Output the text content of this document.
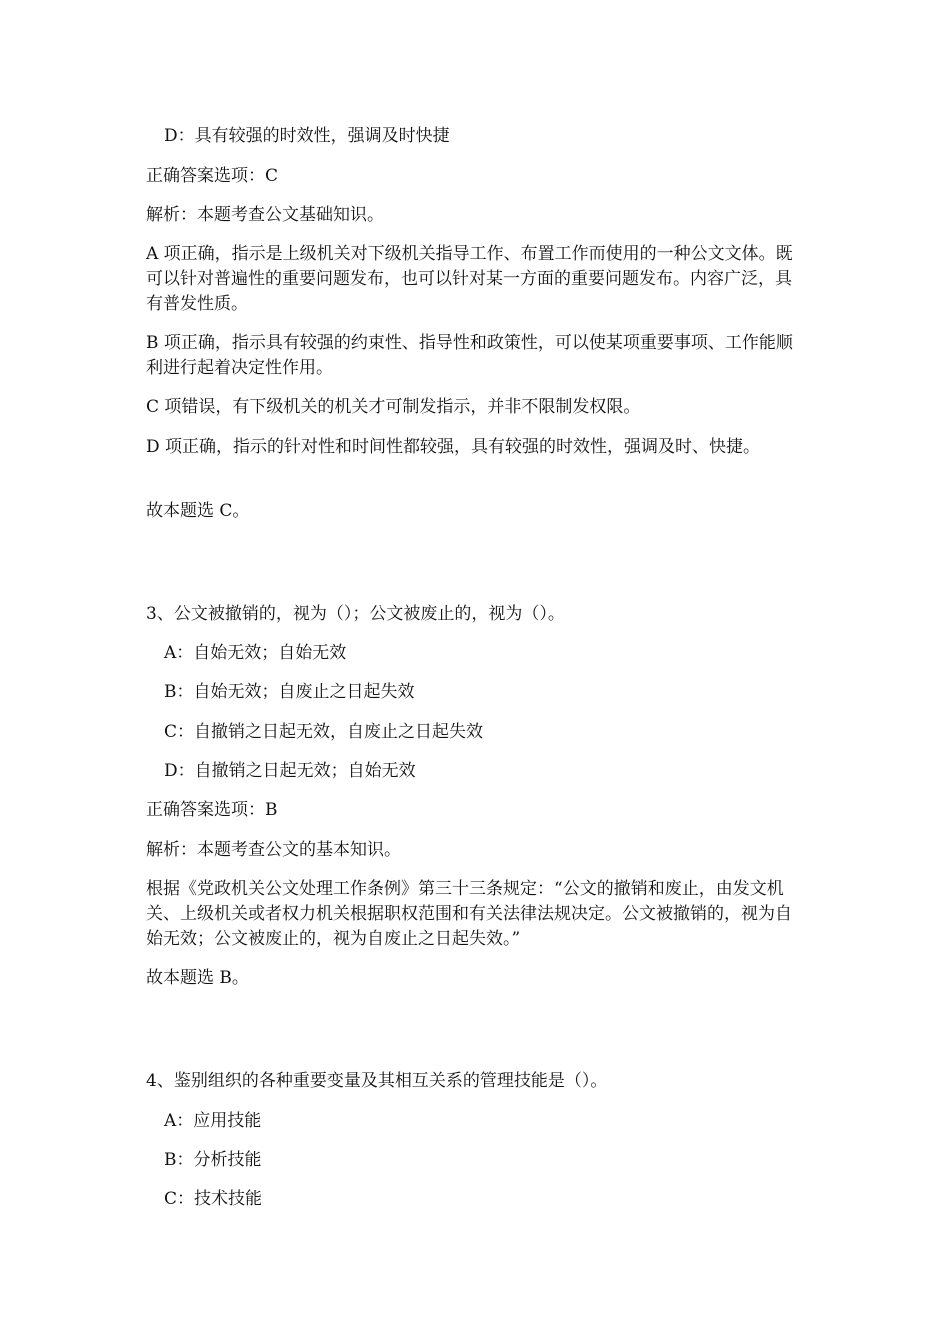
D：具有较强的时效性，强调及时快捷
正确答案选项：C
解析：本题考查公文基础知识。
A 项正确，指示是上级机关对下级机关指导工作、布置工作而使用的一种公文文体。既可以针对普遍性的重要问题发布，也可以针对某一方面的重要问题发布。内容广泛，具有普发性质。
B 项正确，指示具有较强的约束性、指导性和政策性，可以使某项重要事项、工作能顺利进行起着决定性作用。
C 项错误，有下级机关的机关才可制发指示，并非不限制发权限。
D 项正确，指示的针对性和时间性都较强，具有较强的时效性，强调及时、快捷。
故本题选 C。
3、公文被撤销的，视为（）；公文被废止的，视为（）。
A：自始无效；自始无效
B：自始无效；自废止之日起失效
C：自撤销之日起无效，自废止之日起失效
D：自撤销之日起无效；自始无效
正确答案选项：B
解析：本题考查公文的基本知识。
根据《党政机关公文处理工作条例》第三十三条规定：“公文的撤销和废止，由发文机关、上级机关或者权力机关根据职权范围和有关法律法规决定。公文被撤销的，视为自始无效；公文被废止的，视为自废止之日起失效。”
故本题选 B。
4、鉴别组织的各种重要变量及其相互关系的管理技能是（）。
A：应用技能
B：分析技能
C：技术技能
